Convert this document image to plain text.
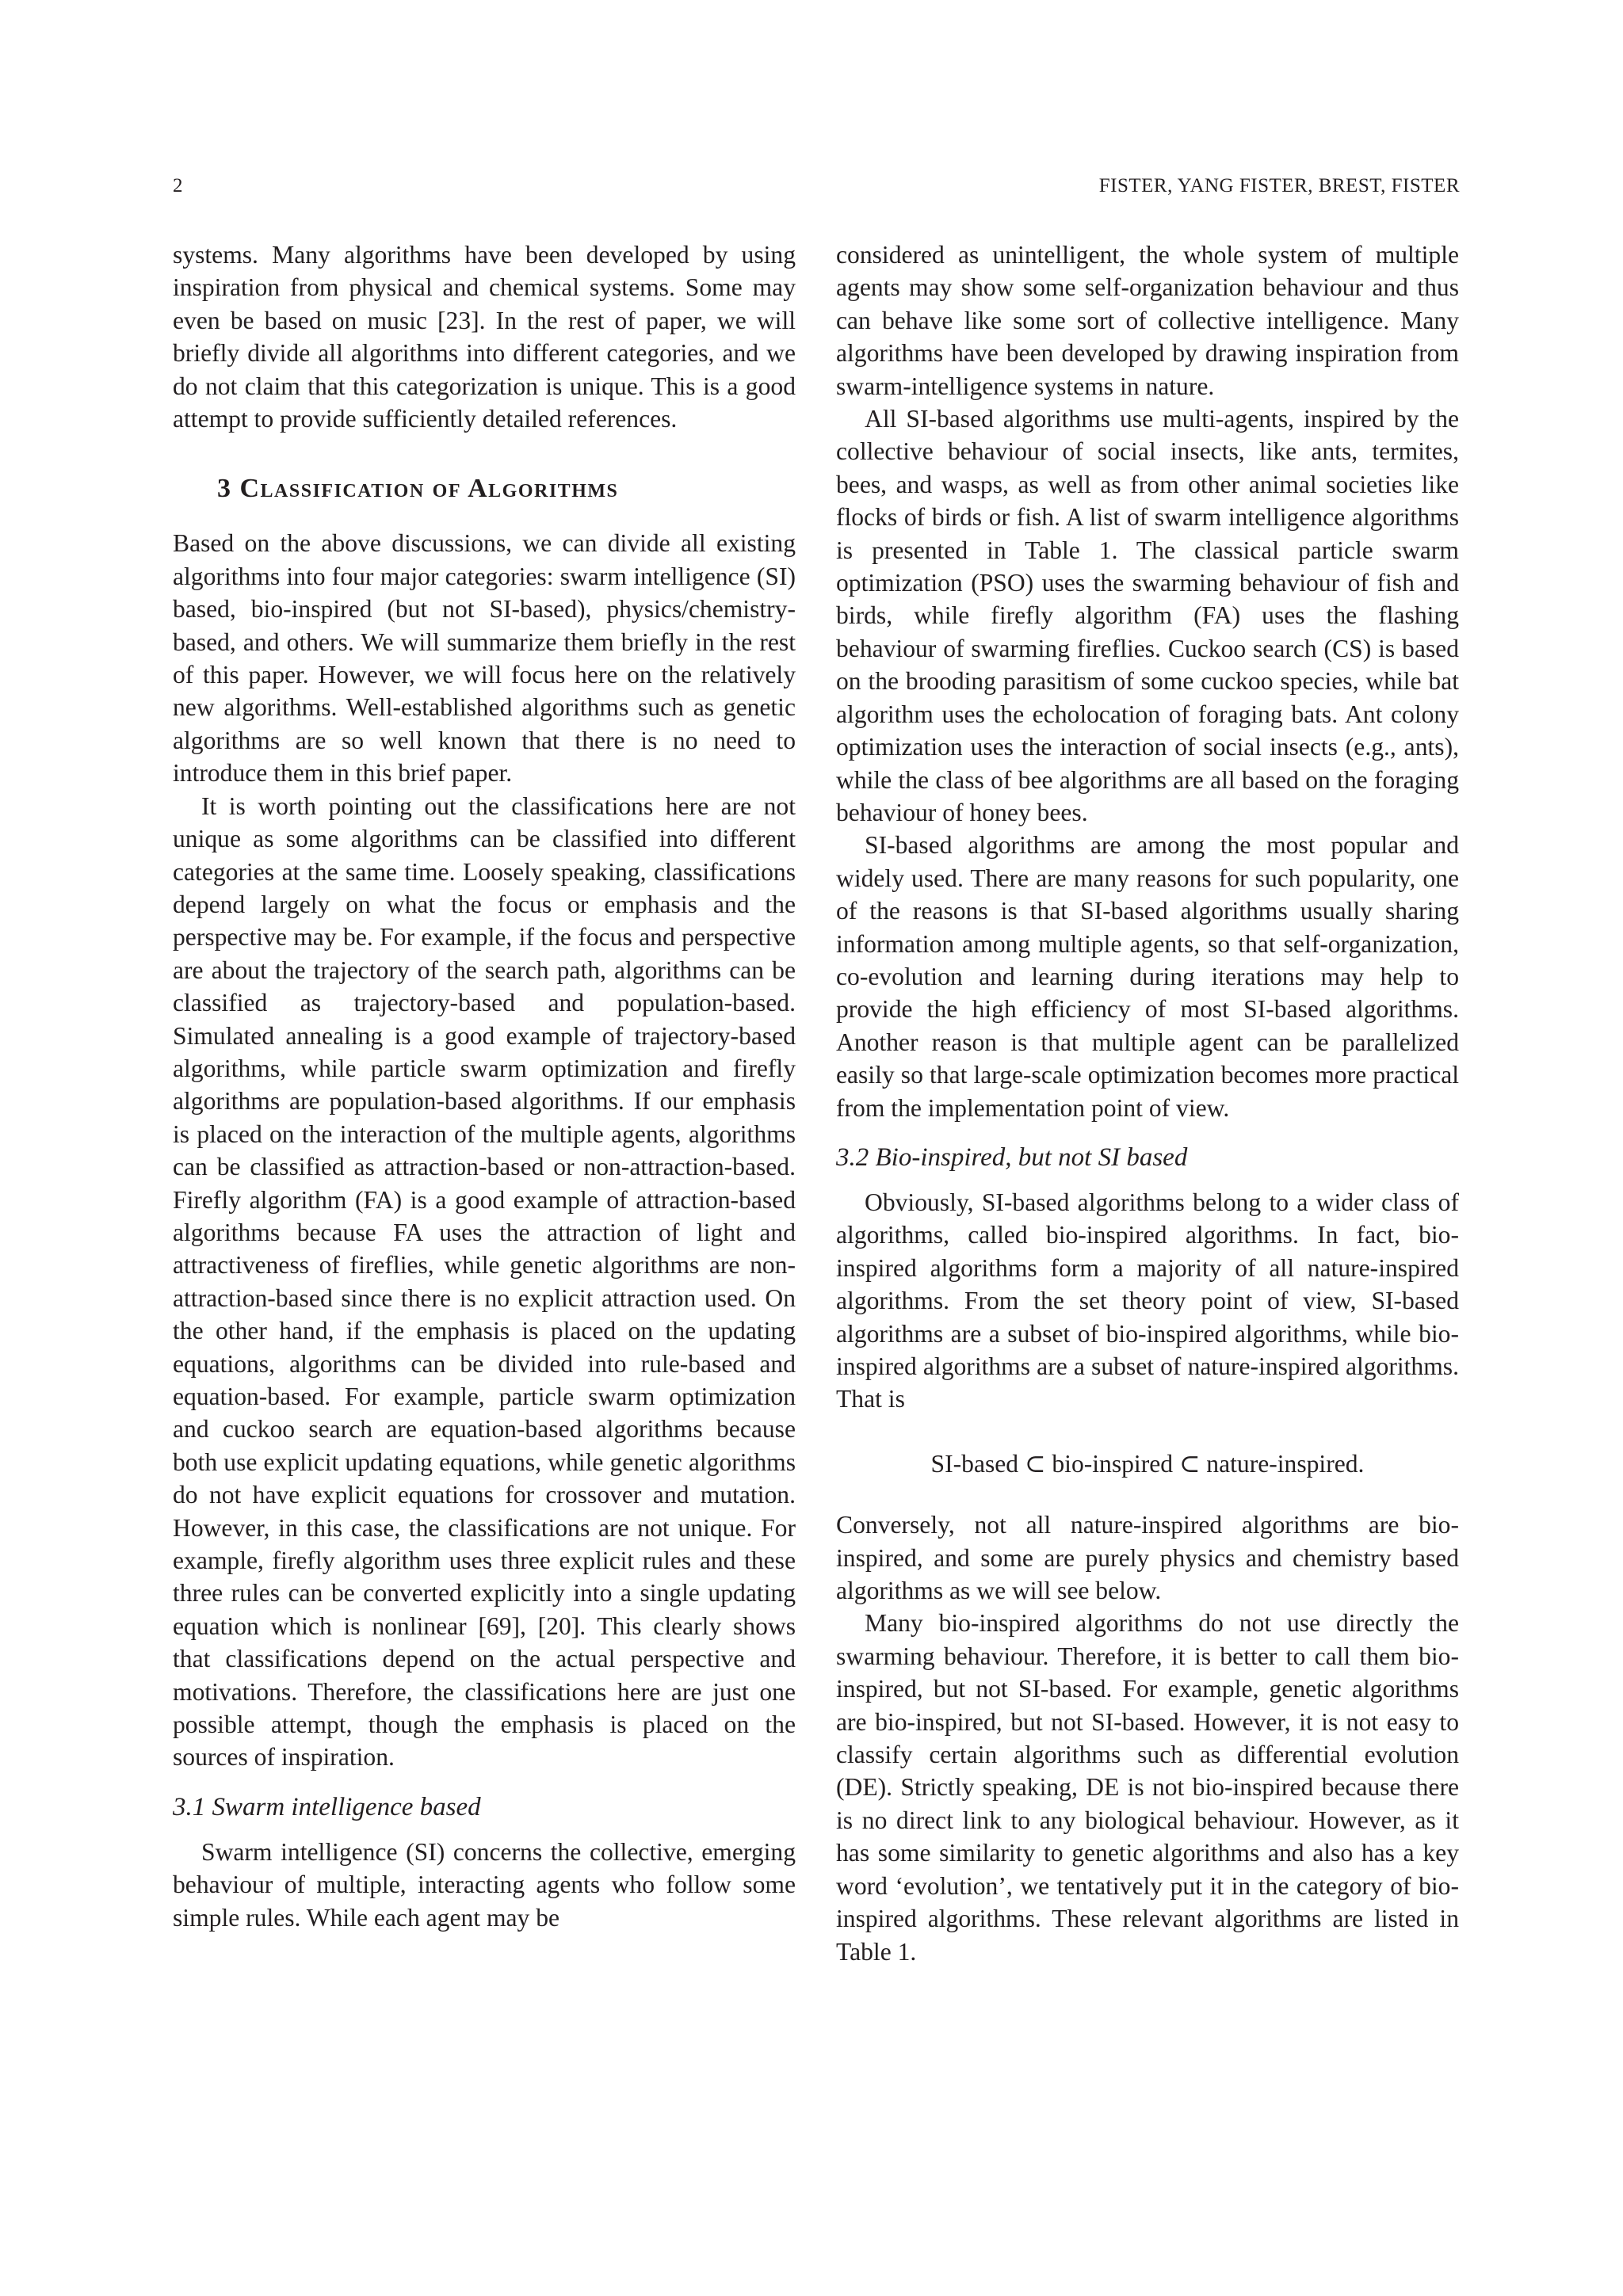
2	FISTER, YANG FISTER, BREST, FISTER

systems. Many algorithms have been developed by using inspiration from physical and chemical systems. Some may even be based on music [23]. In the rest of paper, we will briefly divide all algorithms into different categories, and we do not claim that this categorization is unique. This is a good attempt to provide sufficiently detailed references.

3 Classification of Algorithms

Based on the above discussions, we can divide all existing algorithms into four major categories: swarm intelligence (SI) based, bio-inspired (but not SI-based), physics/chemistry-based, and others. We will summarize them briefly in the rest of this paper. However, we will focus here on the relatively new algorithms. Well-established algorithms such as genetic algorithms are so well known that there is no need to introduce them in this brief paper.

It is worth pointing out the classifications here are not unique as some algorithms can be classified into different categories at the same time. Loosely speaking, classifications depend largely on what the focus or emphasis and the perspective may be. For example, if the focus and perspective are about the trajectory of the search path, algorithms can be classified as trajectory-based and population-based. Simulated annealing is a good example of trajectory-based algorithms, while particle swarm optimization and firefly algorithms are population-based algorithms. If our emphasis is placed on the interaction of the multiple agents, algorithms can be classified as attraction-based or non-attraction-based. Firefly algorithm (FA) is a good example of attraction-based algorithms because FA uses the attraction of light and attractiveness of fireflies, while genetic algorithms are non-attraction-based since there is no explicit attraction used. On the other hand, if the emphasis is placed on the updating equations, algorithms can be divided into rule-based and equation-based. For example, particle swarm optimization and cuckoo search are equation-based algorithms because both use explicit updating equations, while genetic algorithms do not have explicit equations for crossover and mutation. However, in this case, the classifications are not unique. For example, firefly algorithm uses three explicit rules and these three rules can be converted explicitly into a single updating equation which is nonlinear [69], [20]. This clearly shows that classifications depend on the actual perspective and motivations. Therefore, the classifications here are just one possible attempt, though the emphasis is placed on the sources of inspiration.

3.1 Swarm intelligence based

Swarm intelligence (SI) concerns the collective, emerging behaviour of multiple, interacting agents who follow some simple rules. While each agent may be

considered as unintelligent, the whole system of multiple agents may show some self-organization behaviour and thus can behave like some sort of collective intelligence. Many algorithms have been developed by drawing inspiration from swarm-intelligence systems in nature.

All SI-based algorithms use multi-agents, inspired by the collective behaviour of social insects, like ants, termites, bees, and wasps, as well as from other animal societies like flocks of birds or fish. A list of swarm intelligence algorithms is presented in Table 1. The classical particle swarm optimization (PSO) uses the swarming behaviour of fish and birds, while firefly algorithm (FA) uses the flashing behaviour of swarming fireflies. Cuckoo search (CS) is based on the brooding parasitism of some cuckoo species, while bat algorithm uses the echolocation of foraging bats. Ant colony optimization uses the interaction of social insects (e.g., ants), while the class of bee algorithms are all based on the foraging behaviour of honey bees.

SI-based algorithms are among the most popular and widely used. There are many reasons for such popularity, one of the reasons is that SI-based algorithms usually sharing information among multiple agents, so that self-organization, co-evolution and learning during iterations may help to provide the high efficiency of most SI-based algorithms. Another reason is that multiple agent can be parallelized easily so that large-scale optimization becomes more practical from the implementation point of view.

3.2 Bio-inspired, but not SI based

Obviously, SI-based algorithms belong to a wider class of algorithms, called bio-inspired algorithms. In fact, bio-inspired algorithms form a majority of all nature-inspired algorithms. From the set theory point of view, SI-based algorithms are a subset of bio-inspired algorithms, while bio-inspired algorithms are a subset of nature-inspired algorithms. That is

SI-based ⊂ bio-inspired ⊂ nature-inspired.

Conversely, not all nature-inspired algorithms are bio-inspired, and some are purely physics and chemistry based algorithms as we will see below.

Many bio-inspired algorithms do not use directly the swarming behaviour. Therefore, it is better to call them bio-inspired, but not SI-based. For example, genetic algorithms are bio-inspired, but not SI-based. However, it is not easy to classify certain algorithms such as differential evolution (DE). Strictly speaking, DE is not bio-inspired because there is no direct link to any biological behaviour. However, as it has some similarity to genetic algorithms and also has a key word ‘evolution’, we tentatively put it in the category of bio-inspired algorithms. These relevant algorithms are listed in Table 1.
